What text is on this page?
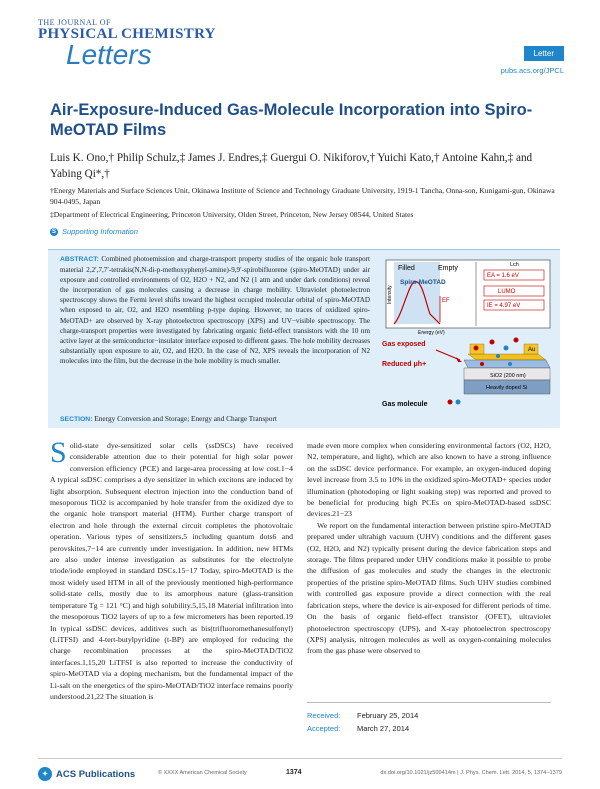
THE JOURNAL OF
PHYSICAL CHEMISTRY
Letters	Letter
pubs.acs.org/JPCL
Air-Exposure-Induced Gas-Molecule Incorporation into Spiro-MeOTAD Films
Luis K. Ono,† Philip Schulz,‡ James J. Endres,‡ Guergui O. Nikiforov,† Yuichi Kato,† Antoine Kahn,‡ and Yabing Qi*,†
†Energy Materials and Surface Sciences Unit, Okinawa Institute of Science and Technology Graduate University, 1919-1 Tancha, Onna-son, Kunigami-gun, Okinawa 904-0495, Japan
‡Department of Electrical Engineering, Princeton University, Olden Street, Princeton, New Jersey 08544, United States
S Supporting Information
ABSTRACT: Combined photoemission and charge-transport property studies of the organic hole transport material 2,2′,7,7′-tetrakis(N,N-di-p-methoxyphenyl-amine)-9,9′-spirobifluorene (spiro-MeOTAD) under air exposure and controlled environments of O2, H2O + N2, and N2 (1 atm and under dark conditions) reveal the incorporation of gas molecules causing a decrease in charge mobility. Ultraviolet photoelectron spectroscopy shows the Fermi level shifts toward the highest occupied molecular orbital of spiro-MeOTAD when exposed to air, O2, and H2O resembling p-type doping. However, no traces of oxidized spiro-MeOTAD+ are observed by X-ray photoelectron spectroscopy (XPS) and UV−visible spectroscopy. The charge-transport properties were investigated by fabricating organic field-effect transistors with the 10 nm active layer at the semiconductor−insulator interface exposed to different gases. The hole mobility decreases substantially upon exposure to air, O2, and H2O. In the case of N2, XPS reveals the incorporation of N2 molecules into the film, but the decrease in the hole mobility is much smaller.
SECTION: Energy Conversion and Storage; Energy and Charge Transport
Filled	Empty
Spiro-MeOTAD
EF
Intensity
Energy (eV)
Lch
EA = 1.6 eV
LUMO
IE = 4.97 eV
Gas exposed
Reduced μh+
Au
SiO2 (200 nm)
Heavily doped Si
Gas molecule
S olid-state dye-sensitized solar cells (ssDSCs) have received considerable attention due to their potential for high solar power conversion efficiency (PCE) and large-area processing at low cost.1−4 A typical ssDSC comprises a dye sensitizer in which excitons are induced by light absorption. Subsequent electron injection into the conduction band of mesoporous TiO2 is accompanied by hole transfer from the oxidized dye to the organic hole transport material (HTM). Further charge transport of electron and hole through the external circuit completes the photovoltaic operation. Various types of sensitizers,5 including quantum dots6 and perovskites,7−14 are currently under investigation. In addition, new HTMs are also under intense investigation as substitutes for the electrolyte triode/iode employed in standard DSCs.15−17 Today, spiro-MeOTAD is the most widely used HTM in all of the previously mentioned high-performance solid-state cells, mostly due to its amorphous nature (glass-transition temperature Tg = 121 °C) and high solubility.5,15,18 Material infiltration into the mesoporous TiO2 layers of up to a few micrometers has been reported.19 In typical ssDSC devices, additives such as bis(trifluoromethanesulfonyl) (LiTFSI) and 4-tert-butylpyridine (t-BP) are employed for reducing the charge recombination processes at the spiro-MeOTAD/TiO2 interfaces.1,15,20 LiTFSI is also reported to increase the conductivity of spiro-MeOTAD via a doping mechanism, but the fundamental impact of the Li-salt on the energetics of the spiro-MeOTAD/TiO2 interface remains poorly understood.21,22 The situation is

made even more complex when considering environmental factors (O2, H2O, N2, temperature, and light), which are also known to have a strong influence on the ssDSC device performance. For example, an oxygen-induced doping level increase from 3.5 to 10% in the oxidized spiro-MeOTAD+ species under illumination (photodoping or light soaking step) was reported and proved to be beneficial for producing high PCEs on spiro-MeOTAD-based ssDSC devices.21−23

We report on the fundamental interaction between pristine spiro-MeOTAD prepared under ultrahigh vacuum (UHV) conditions and the different gases (O2, H2O, and N2) typically present during the device fabrication steps and storage. The films prepared under UHV conditions make it possible to probe the diffusion of gas molecules and study the changes in the electronic properties of the pristine spiro-MeOTAD films. Such UHV studies combined with controlled gas exposure provide a direct connection with the real fabrication steps, where the device is air-exposed for different periods of time. On the basis of organic field-effect transistor (OFET), ultraviolet photoelectron spectroscopy (UPS), and X-ray photoelectron spectroscopy (XPS) analysis, nitrogen molecules as well as oxygen-containing molecules from the gas phase were observed to

Received:	February 25, 2014
Accepted:	March 27, 2014
✦ ACS Publications	© XXXX American Chemical Society	1374	dx.doi.org/10.1021/jz500414m | J. Phys. Chem. Lett. 2014, 5, 1374−1379
